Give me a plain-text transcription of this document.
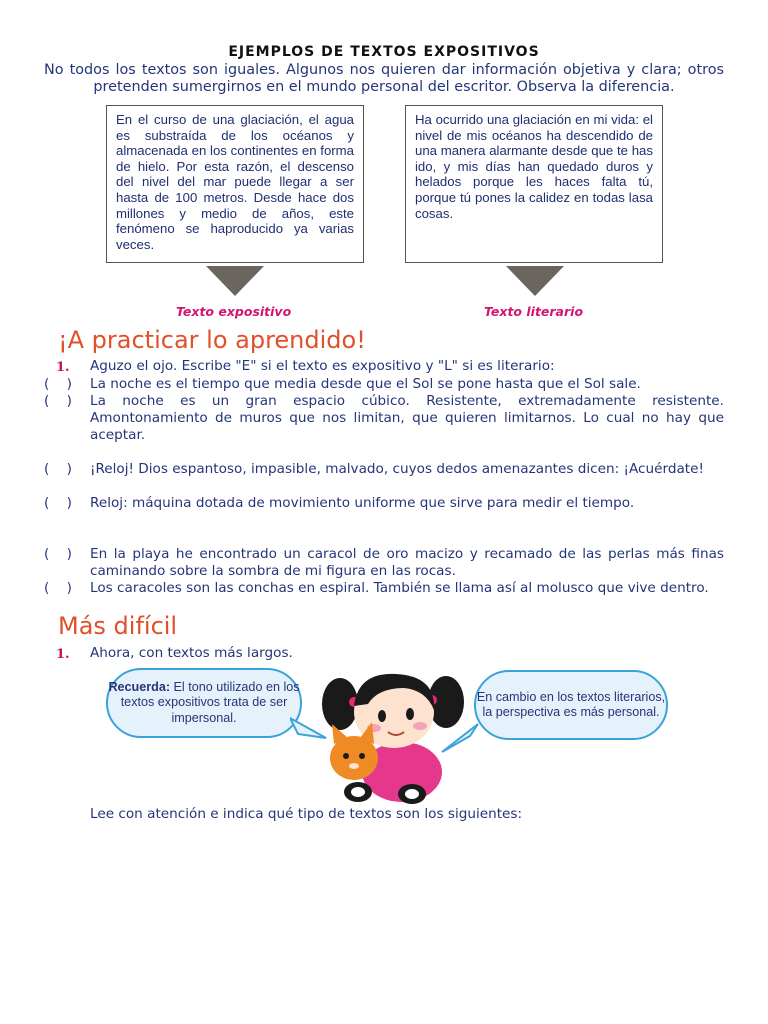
EJEMPLOS DE TEXTOS EXPOSITIVOS
No todos los textos son iguales. Algunos nos quieren dar información objetiva y clara; otros pretenden sumergirnos en el mundo personal del escritor. Observa la diferencia.
En el curso de una glaciación, el agua es substraída de los océanos y almacenada en los continentes en forma de hielo. Por esta razón, el descenso del nivel del mar puede llegar a ser hasta de 100 metros. Desde hace dos millones y medio de años, este fenómeno se haproducido ya varias veces.
Ha ocurrido una glaciación en mi vida: el nivel de mis océanos ha descendido de una manera alarmante desde que te has ido, y mis días han quedado duros y helados porque les haces falta tú, porque tú pones la calidez en todas lasa cosas.
Texto expositivo	Texto literario
¡A practicar lo aprendido!
1. Aguzo el ojo. Escribe "E" si el texto es expositivo y "L" si es literario:
(    )	La noche es el tiempo que media desde que el Sol se pone hasta que el Sol sale.
(    )	La noche es un gran espacio cúbico. Resistente, extremadamente resistente. Amontonamiento de muros que nos limitan, que quieren limitarnos. Lo cual no hay que aceptar.
(    )	¡Reloj! Dios espantoso, impasible, malvado, cuyos dedos amenazantes dicen: ¡Acuérdate!
(    )	Reloj: máquina dotada de movimiento uniforme que sirve para medir el tiempo.
(    )	En la playa he encontrado un caracol de oro macizo y recamado de las perlas más finas caminando sobre la sombra de mi figura en las rocas.
(    )	Los caracoles son las conchas en espiral. También se llama así al molusco que vive dentro.
Más difícil
1. Ahora, con textos más largos.
Recuerda: El tono utilizado en los textos expositivos trata de ser impersonal.
En cambio en los textos literarios, la perspectiva es más personal.
Lee con atención e indica qué tipo de textos son los siguientes:
